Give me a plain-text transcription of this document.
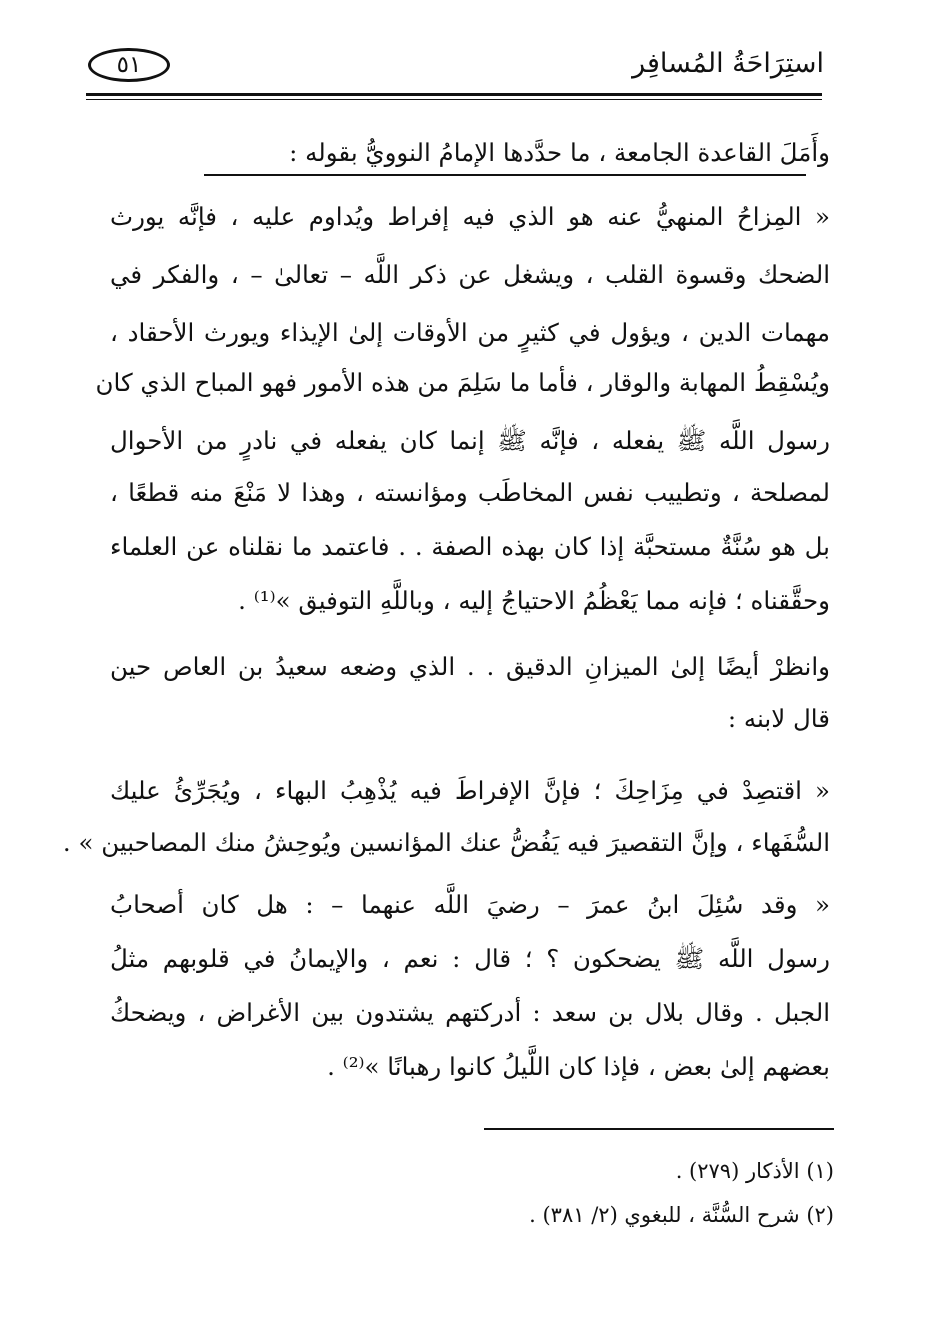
استِرَاحَةُ المُسافِر
٥١
وأَمَلَ القاعدة الجامعة ، ما حدَّدها الإمامُ النوويُّ بقوله :
« المِزاحُ المنهيُّ عنه هو الذي فيه إفراط ويُداوم عليه ، فإنَّه يورث
الضحك وقسوة القلب ، ويشغل عن ذكر اللَّه – تعالىٰ – ، والفكر في
مهمات الدين ، ويؤول في كثيرٍ من الأوقات إلىٰ الإيذاء ويورث الأحقاد ،
ويُسْقِطُ المهابة والوقار ، فأما ما سَلِمَ من هذه الأمور فهو المباح الذي كان
رسول اللَّه ﷺ يفعله ، فإنَّه ﷺ إنما كان يفعله في نادرٍ من الأحوال
لمصلحة ، وتطييب نفس المخاطَب ومؤانسته ، وهذا لا مَنْعَ منه قطعًا ،
بل هو سُنَّةٌ مستحبَّة إذا كان بهذه الصفة . . فاعتمد ما نقلناه عن العلماء
وحقَّقناه ؛ فإنه مما يَعْظُمُ الاحتياجُ إليه ، وباللَّهِ التوفيق »⁽¹⁾ .
وانظرْ أيضًا إلىٰ الميزانِ الدقيق . . الذي وضعه سعيدُ بن العاص حين
قال لابنه :
« اقتصِدْ في مِزَاحِكَ ؛ فإنَّ الإفراطَ فيه يُذْهِبُ البهاء ، ويُجَرِّئُ عليك
السُّفَهاء ، وإنَّ التقصيرَ فيه يَفُضُّ عنك المؤانسين ويُوحِشُ منك المصاحبين » .
« وقد سُئِلَ ابنُ عمرَ – رضيَ اللَّه عنهما – : هل كان أصحابُ
رسول اللَّه ﷺ يضحكون ؟ ؛ قال : نعم ، والإيمانُ في قلوبهم مثلُ
الجبل . وقال بلال بن سعد : أدركتهم يشتدون بين الأغراض ، ويضحكُ
بعضهم إلىٰ بعض ، فإذا كان اللَّيلُ كانوا رهبانًا »⁽²⁾ .
(١) الأذكار (٢٧٩) .
(٢) شرح السُّنَّة ، للبغوي (٢/ ٣٨١) .
